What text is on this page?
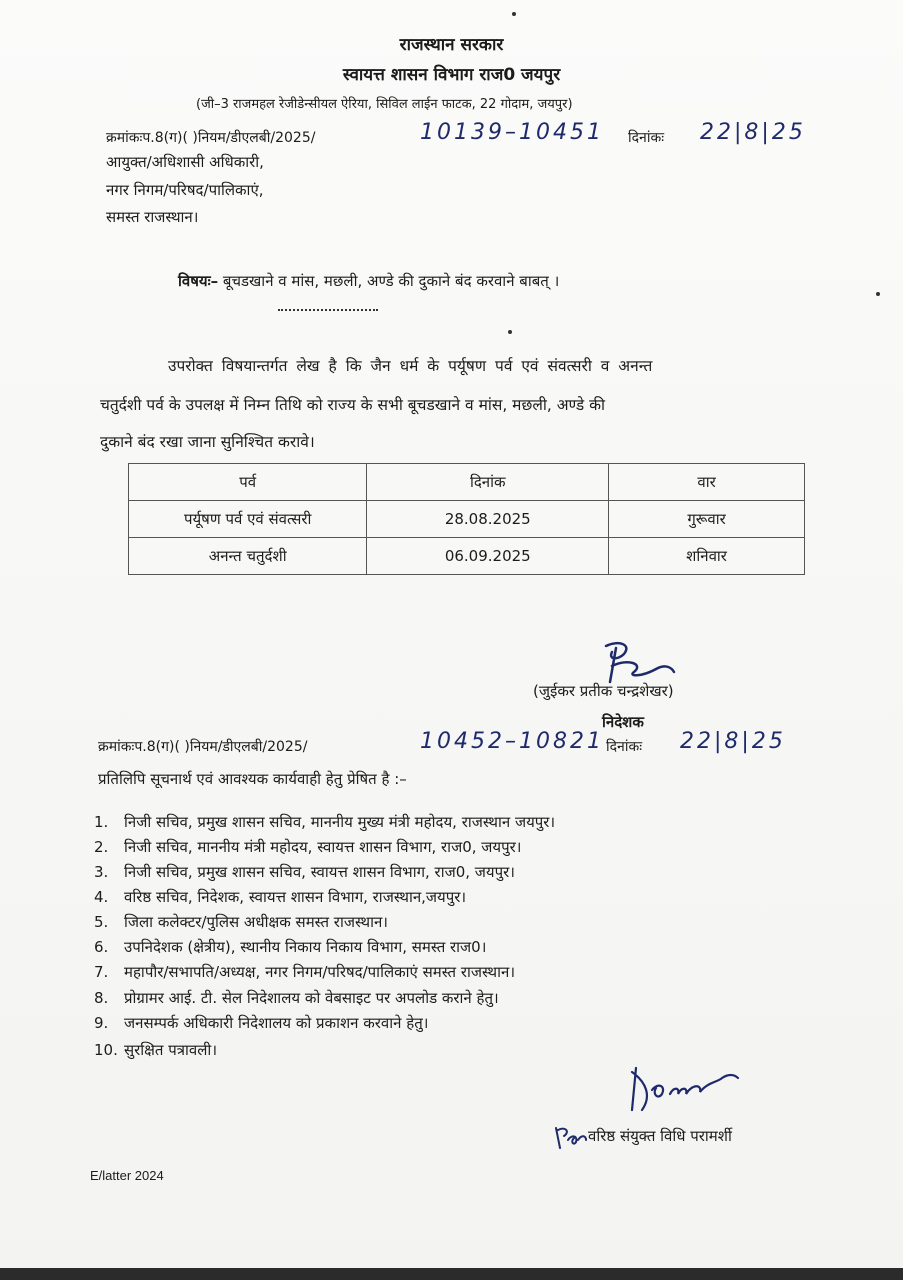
राजस्थान सरकार
स्वायत्त शासन विभाग राज0 जयपुर
(जी–3 राजमहल रेजीडेन्सीयल ऐरिया, सिविल लाईन फाटक, 22 गोदाम, जयपुर)
क्रमांकःप.8(ग)( )नियम/डीएलबी/2025/	10139–10451 दिनांकः 22|8|25
आयुक्त/अधिशासी अधिकारी,
नगर निगम/परिषद/पालिकाएं,
समस्त राजस्थान।
विषयः– बूचडखाने व मांस, मछली, अण्डे की दुकाने बंद करवाने बाबत् ।
उपरोक्त विषयान्तर्गत लेख है कि जैन धर्म के पर्यूषण पर्व एवं संवत्सरी व अनन्त
चतुर्दशी पर्व के उपलक्ष में निम्न तिथि को राज्य के सभी बूचडखाने व मांस, मछली, अण्डे की
दुकाने बंद रखा जाना सुनिश्चित करावे।
पर्व	दिनांक	वार
पर्यूषण पर्व एवं संवत्सरी	28.08.2025	गुरूवार
अनन्त चतुर्दशी	06.09.2025	शनिवार
(जुईकर प्रतीक चन्द्रशेखर)
निदेशक
क्रमांकःप.8(ग)( )नियम/डीएलबी/2025/	10452–10821 दिनांकः 22|8|25
प्रतिलिपि सूचनार्थ एवं आवश्यक कार्यवाही हेतु प्रेषित है :–
1. निजी सचिव, प्रमुख शासन सचिव, माननीय मुख्य मंत्री महोदय, राजस्थान जयपुर।
2. निजी सचिव, माननीय मंत्री महोदय, स्वायत्त शासन विभाग, राज0, जयपुर।
3. निजी सचिव, प्रमुख शासन सचिव, स्वायत्त शासन विभाग, राज0, जयपुर।
4. वरिष्ठ सचिव, निदेशक, स्वायत्त शासन विभाग, राजस्थान,जयपुर।
5. जिला कलेक्टर/पुलिस अधीक्षक समस्त राजस्थान।
6. उपनिदेशक (क्षेत्रीय), स्थानीय निकाय निकाय विभाग, समस्त राज0।
7. महापौर/सभापति/अध्यक्ष, नगर निगम/परिषद/पालिकाएं समस्त राजस्थान।
8. प्रोग्रामर आई. टी. सेल निदेशालय को वेबसाइट पर अपलोड कराने हेतु।
9. जनसम्पर्क अधिकारी निदेशालय को प्रकाशन करवाने हेतु।
10. सुरक्षित पत्रावली।
वरिष्ठ संयुक्त विधि परामर्शी
E/latter 2024
